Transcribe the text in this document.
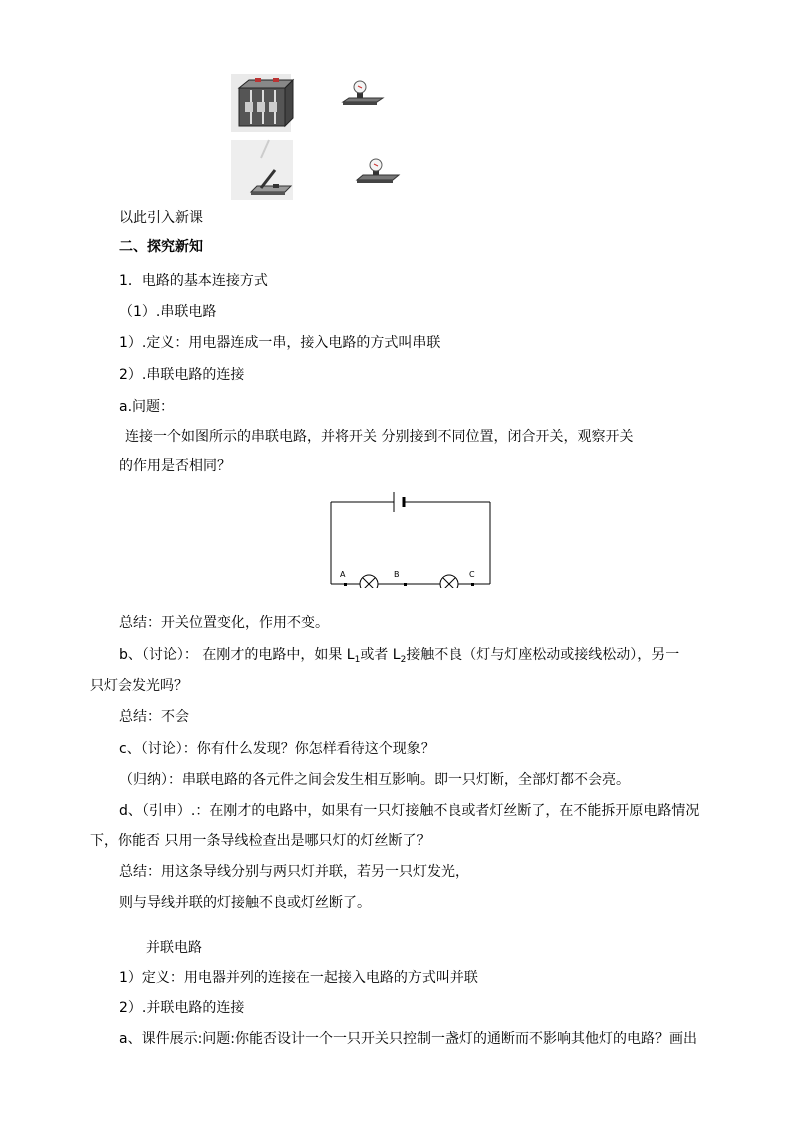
以此引入新课
二、探究新知
1．电路的基本连接方式
（1）.串联电路
1）.定义：用电器连成一串，接入电路的方式叫串联
2）.串联电路的连接
a.问题：
连接一个如图所示的串联电路，并将开关 分别接到不同位置，闭合开关，观察开关
的作用是否相同？
A	B	C
总结：开关位置变化，作用不变。
b、（讨论）： 在刚才的电路中，如果 $L_1$或者 $L_2$接触不良（灯与灯座松动或接线松动），另一
只灯会发光吗？
总结：不会
c、（讨论）：你有什么发现？你怎样看待这个现象？
（归纳）：串联电路的各元件之间会发生相互影响。即一只灯断，全部灯都不会亮。
d、（引申）.：在刚才的电路中，如果有一只灯接触不良或者灯丝断了，在不能拆开原电路情况
下，你能否 只用一条导线检查出是哪只灯的灯丝断了？
总结：用这条导线分别与两只灯并联，若另一只灯发光，
则与导线并联的灯接触不良或灯丝断了。
并联电路
1）定义：用电器并列的连接在一起接入电路的方式叫并联
2）.并联电路的连接
a、课件展示:问题:你能否设计一个一只开关只控制一盏灯的通断而不影响其他灯的电路？画出
